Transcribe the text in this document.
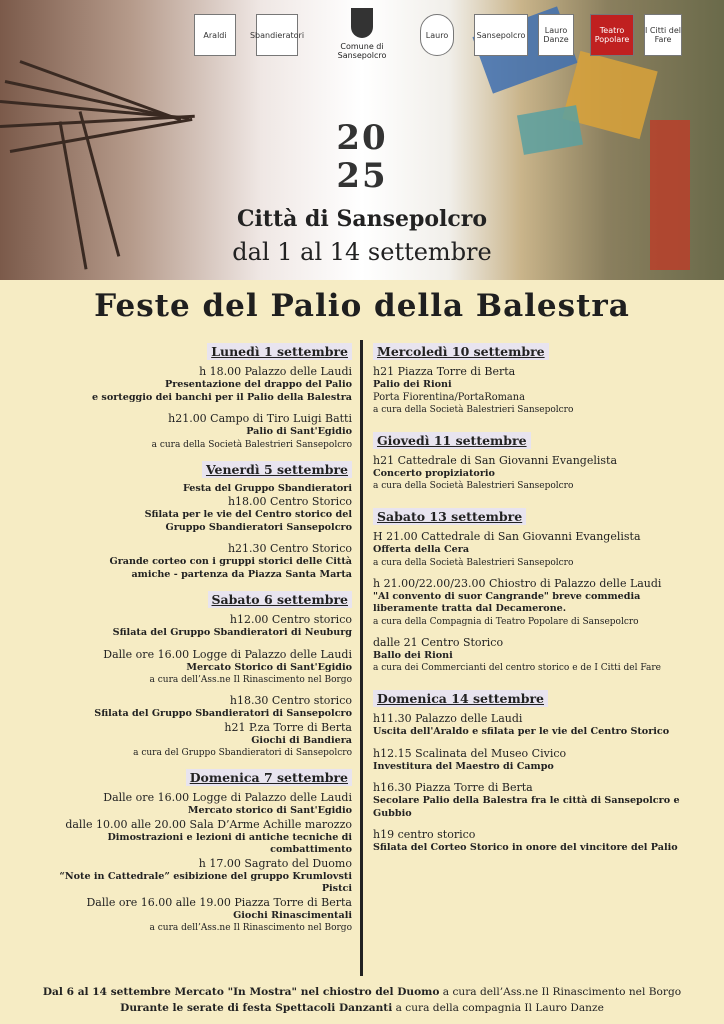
Araldi	Sbandieratori
Comune di Sansepolcro
Lauro	Sansepolcro	Lauro Danze
Teatro Popolare
I Citti del Fare
20
25
Città di Sansepolcro
dal 1 al 14 settembre
Feste del Palio della Balestra
Lunedì 1 settembre
h 18.00 Palazzo delle Laudi
Presentazione del drappo del Palio
e sorteggio dei banchi per il Palio della Balestra
h21.00 Campo di Tiro Luigi Batti
Palio di Sant'Egidio
a cura della Società Balestrieri Sansepolcro
Venerdì 5 settembre
Festa del Gruppo Sbandieratori
h18.00 Centro Storico
Sfilata per le vie del Centro storico del
Gruppo Sbandieratori Sansepolcro
h21.30 Centro Storico
Grande corteo con i gruppi storici delle Città
amiche - partenza da Piazza Santa Marta
Sabato 6 settembre
h12.00 Centro storico
Sfilata del Gruppo Sbandieratori di Neuburg
Dalle ore 16.00 Logge di Palazzo delle Laudi
Mercato Storico di Sant'Egidio
a cura dell’Ass.ne Il Rinascimento nel Borgo
h18.30 Centro storico
Sfilata del Gruppo Sbandieratori di Sansepolcro
h21 P.za Torre di Berta
Giochi di Bandiera
a cura del Gruppo Sbandieratori di Sansepolcro
Domenica 7 settembre
Dalle ore 16.00 Logge di Palazzo delle Laudi
Mercato storico di Sant'Egidio
dalle 10.00 alle 20.00 Sala D’Arme Achille marozzo
Dimostrazioni e lezioni di antiche tecniche di combattimento
h 17.00 Sagrato del Duomo
“Note in Cattedrale” esibizione del gruppo Krumlovsti Pistci
Dalle ore 16.00 alle 19.00 Piazza Torre di Berta
Giochi Rinascimentali
a cura dell’Ass.ne Il Rinascimento nel Borgo
Mercoledì 10 settembre
h21 Piazza Torre di Berta
Palio dei Rioni
Porta Fiorentina/PortaRomana
a cura della Società Balestrieri Sansepolcro
Giovedì 11 settembre
h21 Cattedrale di San Giovanni Evangelista
Concerto propiziatorio
a cura della Società Balestrieri Sansepolcro
Sabato 13 settembre
H 21.00 Cattedrale di San Giovanni Evangelista
Offerta della Cera
a cura della Società Balestrieri Sansepolcro
h 21.00/22.00/23.00 Chiostro di Palazzo delle Laudi
"Al convento di suor Cangrande" breve commedia
liberamente tratta dal Decamerone.
a cura della Compagnia di Teatro Popolare di Sansepolcro
dalle 21 Centro Storico
Ballo dei Rioni
a cura dei Commercianti del centro storico e de I Citti del Fare
Domenica 14 settembre
h11.30 Palazzo delle Laudi
Uscita dell'Araldo e sfilata per le vie del Centro Storico
h12.15 Scalinata del Museo Civico
Investitura del Maestro di Campo
h16.30 Piazza Torre di Berta
Secolare Palio della Balestra fra le città di Sansepolcro e Gubbio
h19 centro storico
Sfilata del Corteo Storico in onore del vincitore del Palio
Dal 6 al 14 settembre Mercato "In Mostra" nel chiostro del Duomo a cura dell’Ass.ne Il Rinascimento nel Borgo
Durante le serate di festa Spettacoli Danzanti a cura della compagnia Il Lauro Danze
